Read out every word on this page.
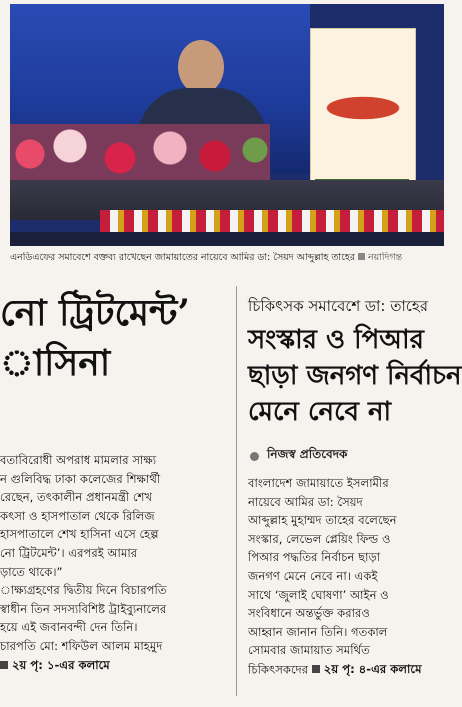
এনডিএফের সমাবেশে বক্তব্য রাখেছেন জামায়াতের নায়েবে আমির ডা: সৈয়দ আব্দুল্লাহ তাহের নয়াদিগন্ত
নো ট্রিটমেন্ট’
াসিনা
বতাবিরোধী অপরাধ মামলার সাক্ষ্য
ন গুলিবিদ্ধ ঢাকা কলেজের শিক্ষার্থী
রেছেন, তৎকালীন প্রধানমন্ত্রী শেখ
কৎসা ও হাসপাতাল থেকে রিলিজ
হাসপাতালে শেখ হাসিনা এসে হেল্প
নো ট্রিটমেন্ট’। এরপরই আমার
ড়াতে থাকে।”
াক্ষ্যগ্রহণের দ্বিতীয় দিনে বিচারপতি
স্বাধীন তিন সদস্যবিশিষ্ট ট্রাইব্যুনালের
হয়ে এই জবানবন্দী দেন তিনি।
চারপতি মো: শফিউল আলম মাহমুদ
২য় পৃ: ১-এর কলামে
চিকিৎসক সমাবেশে ডা: তাহের
সংস্কার ও পিআর
ছাড়া জনগণ নির্বাচন
মেনে নেবে না
নিজস্ব প্রতিবেদক
বাংলাদেশ জামায়াতে ইসলামীর
নায়েবে আমির ডা: সৈয়দ
আব্দুল্লাহ মুহাম্মদ তাহের বলেছেন
সংস্কার, লেভেল প্লেয়িং ফিল্ড ও
পিআর পদ্ধতির নির্বাচন ছাড়া
জনগণ মেনে নেবে না। একই
সাথে ‘জুলাই ঘোষণা’ আইন ও
সংবিধানে অন্তর্ভুক্ত করারও
আহ্বান জানান তিনি। গতকাল
সোমবার জামায়াত সমর্থিত
চিকিৎসকদের ২য় পৃ: ৪-এর কলামে
